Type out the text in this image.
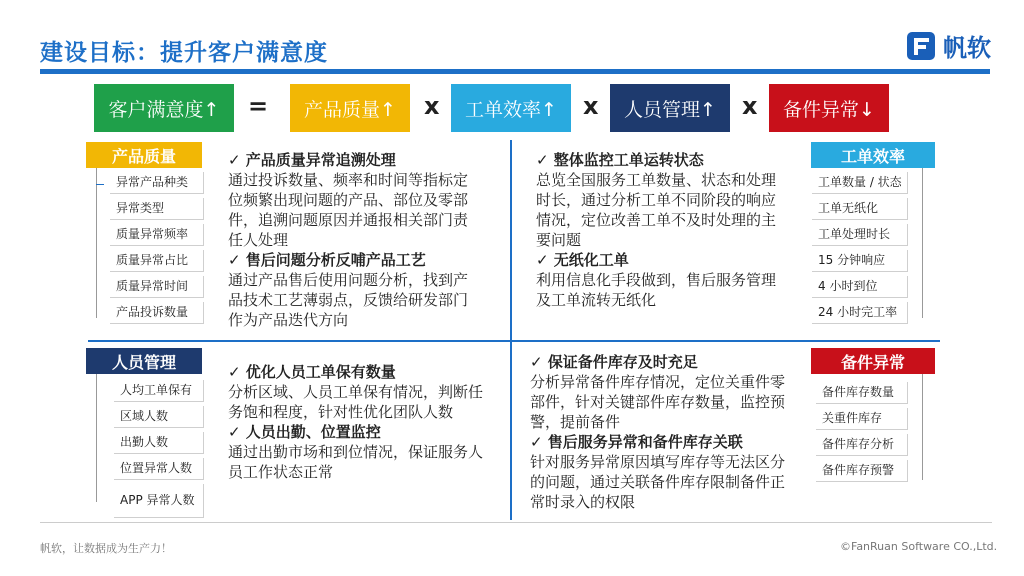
建设目标：提升客户满意度	帆软
客户满意度↑	=	产品质量↑	x	工单效率↑	x	人员管理↑	x	备件异常↓
产品质量
异常产品种类
异常类型
质量异常频率
质量异常占比
质量异常时间
产品投诉数量
✓ 产品质量异常追溯处理
通过投诉数量、频率和时间等指标定位频繁出现问题的产品、部位及零部件，追溯问题原因并通报相关部门责任人处理
✓ 售后问题分析反哺产品工艺
通过产品售后使用问题分析，找到产品技术工艺薄弱点，反馈给研发部门作为产品迭代方向
工单效率
工单数量 / 状态
工单无纸化
工单处理时长
15 分钟响应
4 小时到位
24 小时完工率
✓ 整体监控工单运转状态
总览全国服务工单数量、状态和处理时长，通过分析工单不同阶段的响应情况，定位改善工单不及时处理的主要问题
✓ 无纸化工单
利用信息化手段做到，售后服务管理及工单流转无纸化
人员管理
人均工单保有
区域人数
出勤人数
位置异常人数
APP 异常人数
✓ 优化人员工单保有数量
分析区域、人员工单保有情况，判断任务饱和程度，针对性优化团队人数
✓ 人员出勤、位置监控
通过出勤市场和到位情况，保证服务人员工作状态正常
备件异常
备件库存数量
关重件库存
备件库存分析
备件库存预警
✓ 保证备件库存及时充足
分析异常备件库存情况，定位关重件零部件，针对关键部件库存数量，监控预警，提前备件
✓ 售后服务异常和备件库存关联
针对服务异常原因填写库存等无法区分的问题，通过关联备件库存限制备件正常时录入的权限
帆软，让数据成为生产力！	©FanRuan Software CO.,Ltd.
